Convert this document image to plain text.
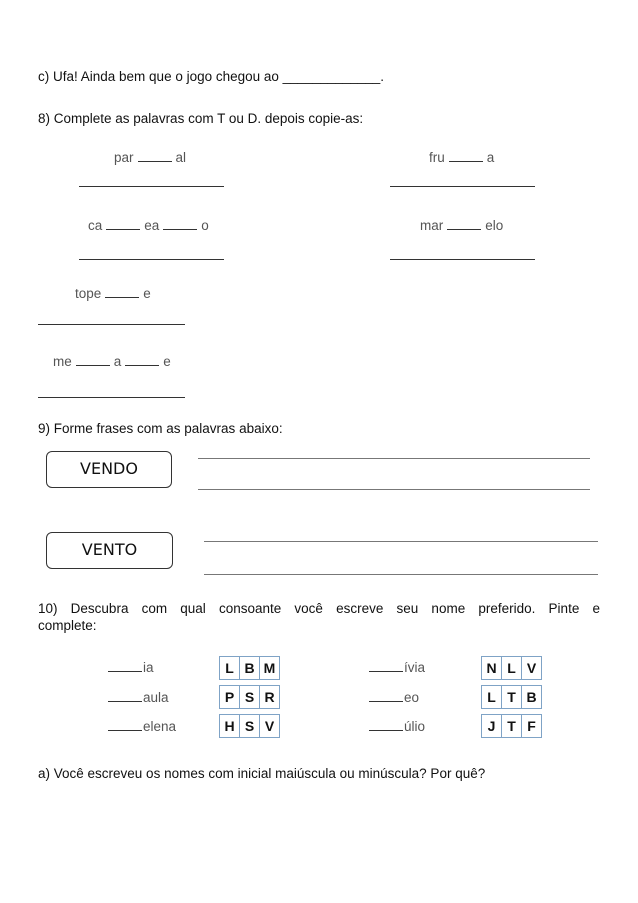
c) Ufa! Ainda bem que o jogo chegou ao _____________.
8) Complete as palavras com T ou D. depois copie-as:
par	al	fru	a
ca	ea	o	mar	elo
tope	e
me	a	e
9) Forme frases com as palavras abaixo:
VENDO
VENTO
10) Descubra com qual consoante você escreve seu nome preferido. Pinte e
complete:
ia	L B M	ívia	N L V
aula	P S R	eo	L T B
elena	H S V	úlio	J T F
a) Você escreveu os nomes com inicial maiúscula ou minúscula? Por quê?
